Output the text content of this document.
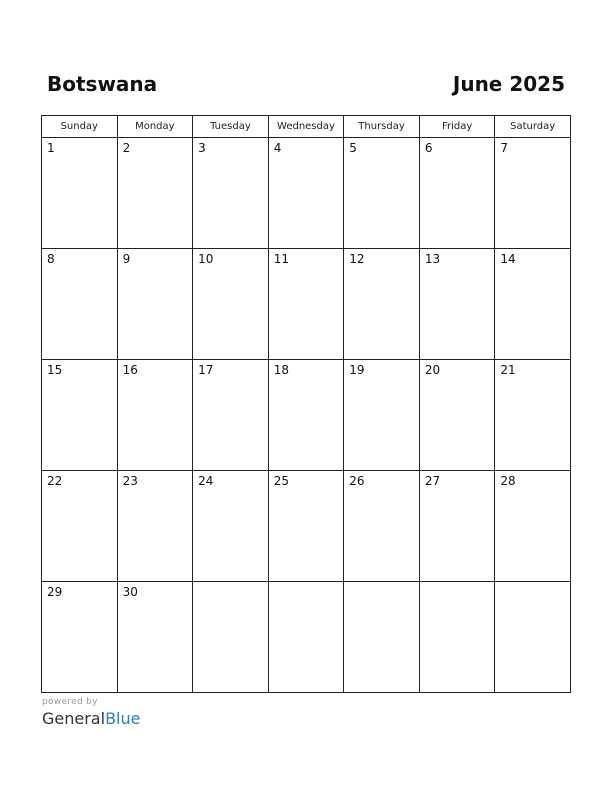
Botswana	June 2025
Sunday	Monday	Tuesday	Wednesday	Thursday	Friday	Saturday

1	2	3	4	5	6	7

8	9	10	11	12	13	14

15	16	17	18	19	20	21

22	23	24	25	26	27	28

29	30					

powered by
GeneralBlue
